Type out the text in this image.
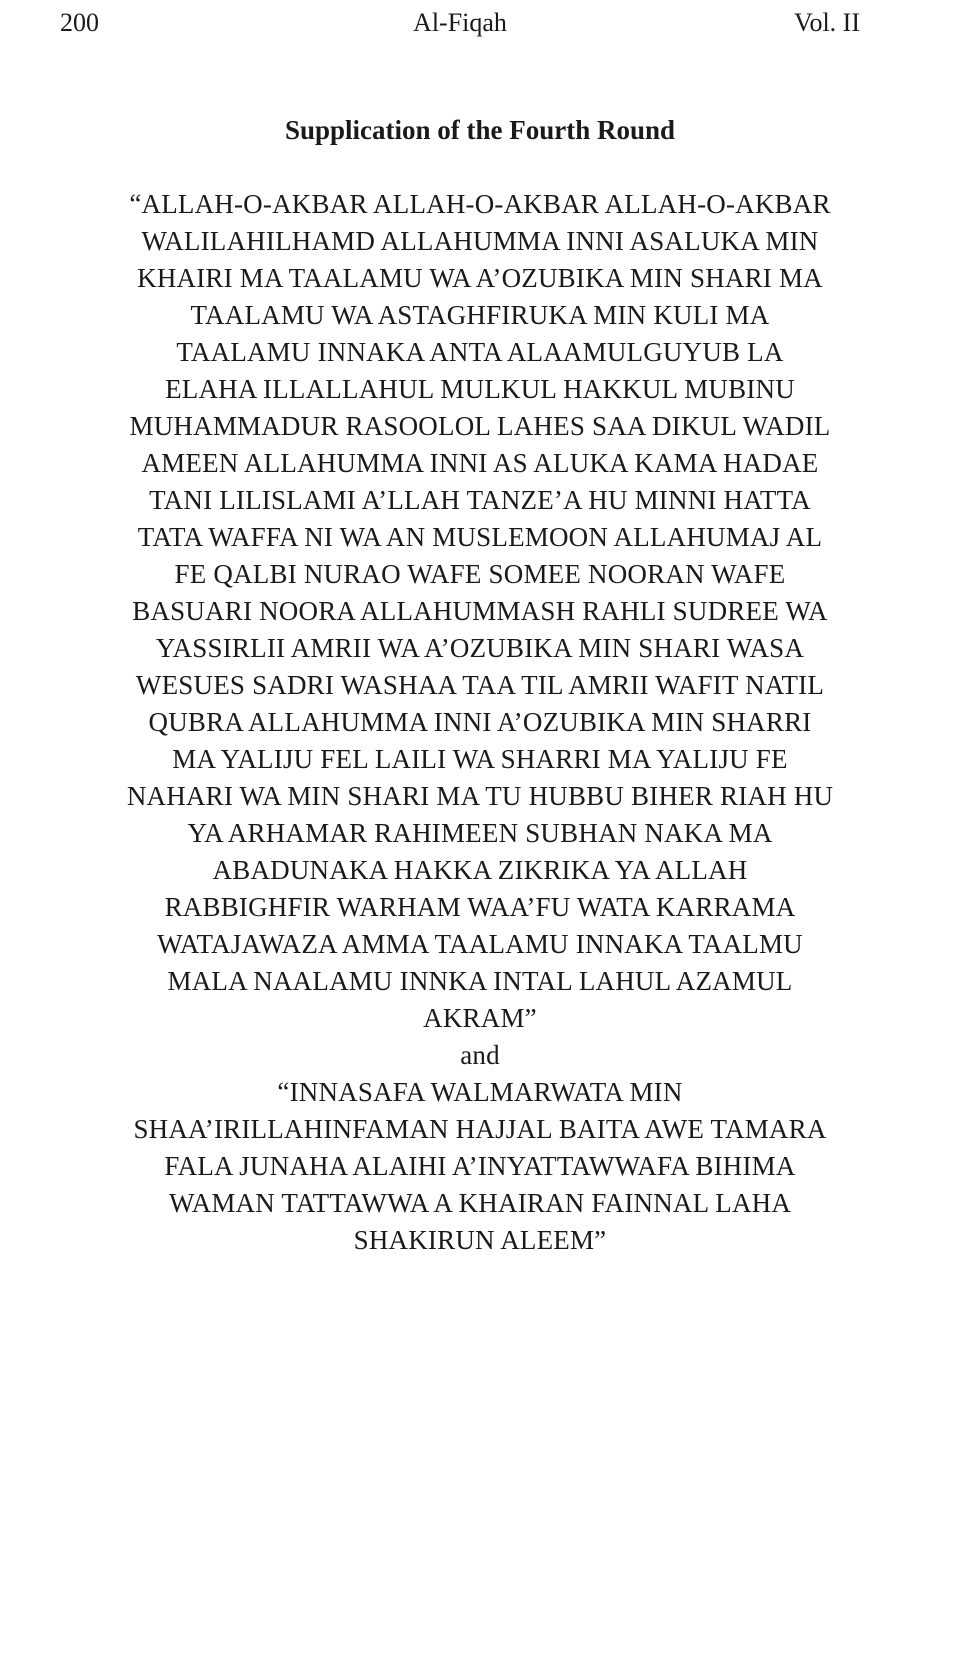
200	Al-Fiqah	Vol. II
Supplication of the Fourth Round
“ALLAH-O-AKBAR ALLAH-O-AKBAR ALLAH-O-AKBAR
WALILAHILHAMD ALLAHUMMA INNI ASALUKA MIN
KHAIRI MA TAALAMU WA A’OZUBIKA MIN SHARI MA
TAALAMU WA ASTAGHFIRUKA MIN KULI MA
TAALAMU INNAKA ANTA ALAAMULGUYUB LA
ELAHA ILLALLAHUL MULKUL HAKKUL MUBINU
MUHAMMADUR RASOOLOL LAHES SAA DIKUL WADIL
AMEEN ALLAHUMMA INNI AS ALUKA KAMA HADAE
TANI LILISLAMI A’LLAH TANZE’A HU MINNI HATTA
TATA WAFFA NI WA AN MUSLEMOON ALLAHUMAJ AL
FE QALBI NURAO WAFE SOMEE NOORAN WAFE
BASUARI NOORA ALLAHUMMASH RAHLI SUDREE WA
YASSIRLII AMRII WA A’OZUBIKA MIN SHARI WASA
WESUES SADRI WASHAA TAA TIL AMRII WAFIT NATIL
QUBRA ALLAHUMMA INNI A’OZUBIKA MIN SHARRI
MA YALIJU FEL LAILI WA SHARRI MA YALIJU FE
NAHARI WA MIN SHARI MA TU HUBBU BIHER RIAH HU
YA ARHAMAR RAHIMEEN SUBHAN NAKA MA
ABADUNAKA HAKKA ZIKRIKA YA ALLAH
RABBIGHFIR WARHAM WAA’FU WATA KARRAMA
WATAJAWAZA AMMA TAALAMU INNAKA TAALMU
MALA NAALAMU INNKA INTAL LAHUL AZAMUL
AKRAM”
and
“INNASAFA WALMARWATA MIN
SHAA’IRILLAHINFAMAN HAJJAL BAITA AWE TAMARA
FALA JUNAHA ALAIHI A’INYATTAWWAFA BIHIMA
WAMAN TATTAWWA A KHAIRAN FAINNAL LAHA
SHAKIRUN ALEEM”
